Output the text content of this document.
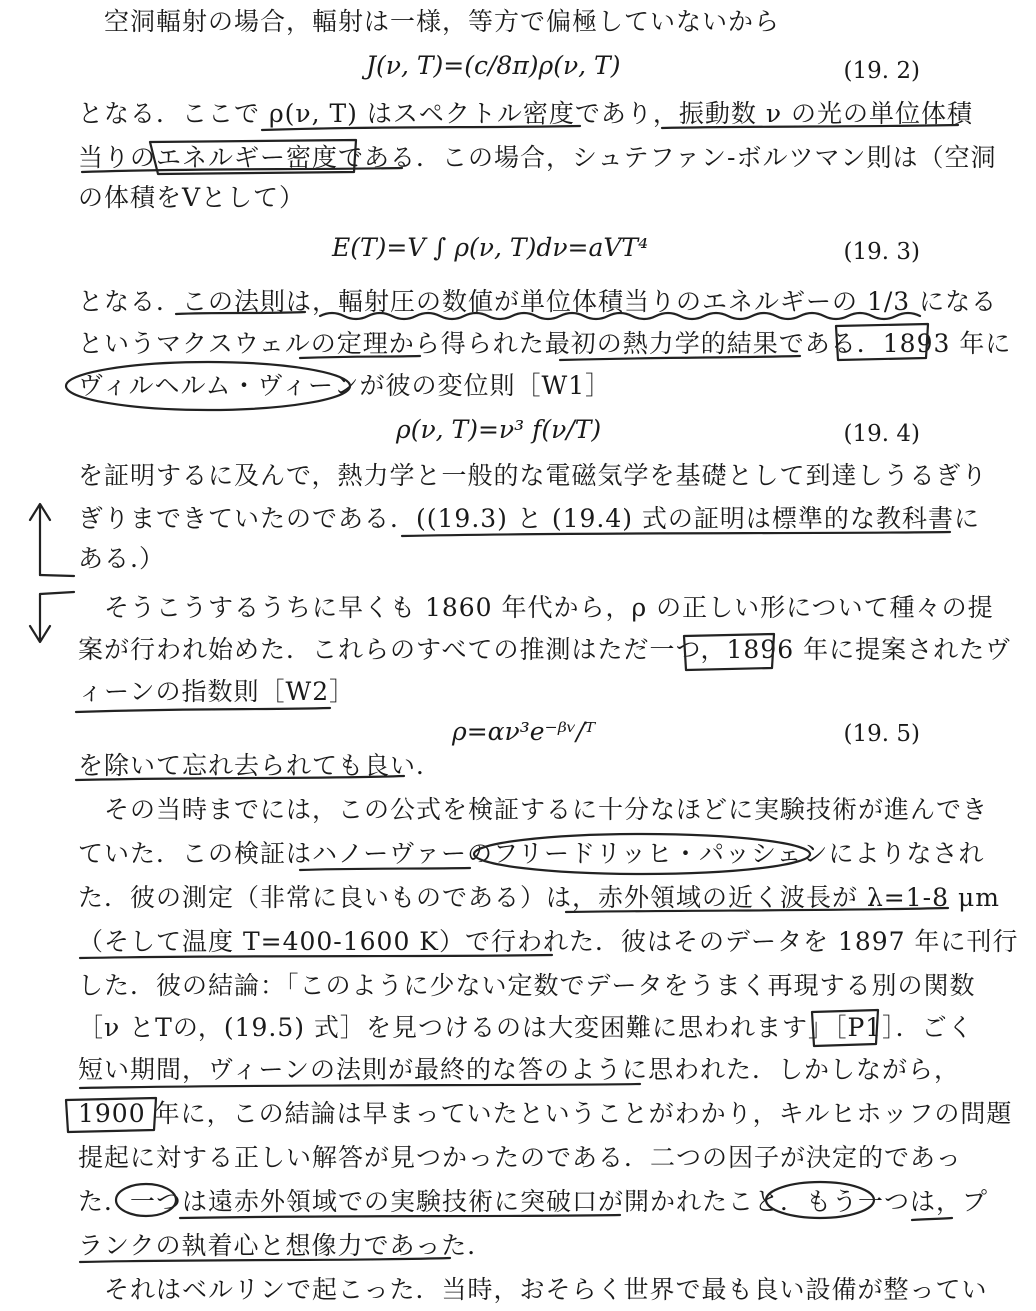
空洞輻射の場合，輻射は一様，等方で偏極していないから
J(ν, T)=(c/8π)ρ(ν, T)	(19. 2)
となる．ここで ρ(ν, T) はスペクトル密度であり，振動数 ν の光の単位体積
当りのエネルギー密度である．この場合，シュテファン-ボルツマン則は（空洞
の体積をVとして）
E(T)=V ∫ ρ(ν, T)dν=aVT⁴	(19. 3)
となる．この法則は，輻射圧の数値が単位体積当りのエネルギーの 1/3 になる
というマクスウェルの定理から得られた最初の熱力学的結果である．1893 年に
ヴィルヘルム・ヴィーンが彼の変位則［W1］
ρ(ν, T)=ν³ f(ν/T)	(19. 4)
を証明するに及んで，熱力学と一般的な電磁気学を基礎として到達しうるぎり
ぎりまできていたのである．((19.3) と (19.4) 式の証明は標準的な教科書に
ある.）
そうこうするうちに早くも 1860 年代から，ρ の正しい形について種々の提
案が行われ始めた．これらのすべての推測はただ一つ，1896 年に提案されたヴ
ィーンの指数則［W2］
ρ=αν³e⁻ᵝᵛ/ᵀ	(19. 5)
を除いて忘れ去られても良い．
その当時までには，この公式を検証するに十分なほどに実験技術が進んでき
ていた．この検証はハノーヴァーのフリードリッヒ・パッシェンによりなされ
た．彼の測定（非常に良いものである）は，赤外領域の近く波長が λ=1-8 μm
（そして温度 T=400-1600 K）で行われた．彼はそのデータを 1897 年に刊行
した．彼の結論：「このように少ない定数でデータをうまく再現する別の関数
［ν とTの，(19.5) 式］を見つけるのは大変困難に思われます」［P1］．ごく
短い期間，ヴィーンの法則が最終的な答のように思われた．しかしながら，
1900 年に，この結論は早まっていたということがわかり，キルヒホッフの問題
提起に対する正しい解答が見つかったのである．二つの因子が決定的であっ
た．一つは遠赤外領域での実験技術に突破口が開かれたこと．もう一つは，プ
ランクの執着心と想像力であった．
それはベルリンで起こった．当時，おそらく世界で最も良い設備が整ってい
